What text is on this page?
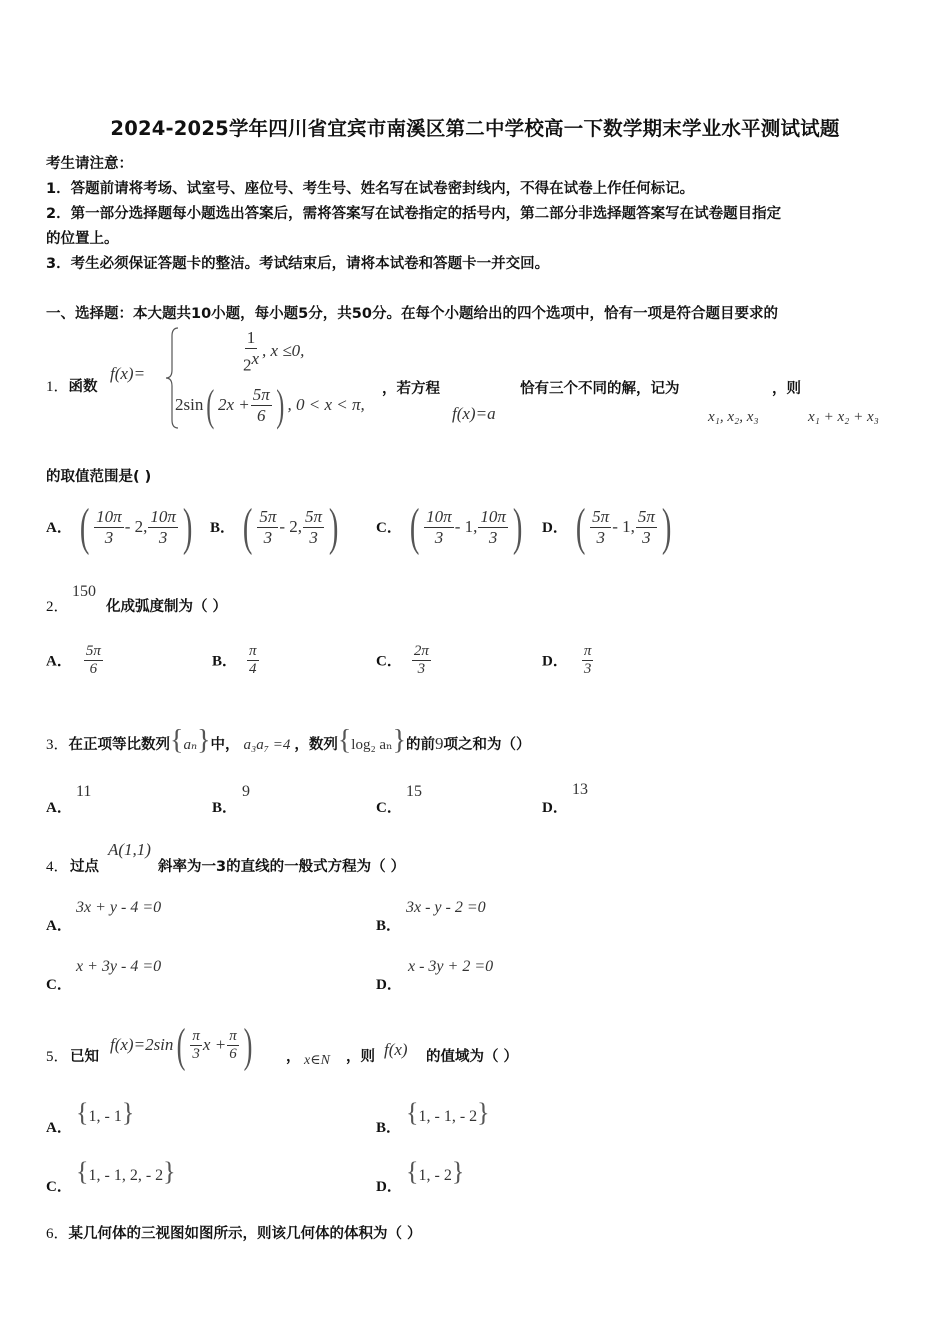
2024-2025学年四川省宜宾市南溪区第二中学校高一下数学期末学业水平测试试题
考生请注意：
1．答题前请将考场、试室号、座位号、考生号、姓名写在试卷密封线内，不得在试卷上作任何标记。
2．第一部分选择题每小题选出答案后，需将答案写在试卷指定的括号内，第二部分非选择题答案写在试卷题目指定
的位置上。
3．考生必须保证答题卡的整洁。考试结束后，请将本试卷和答题卡一并交回。
一、选择题：本大题共10小题，每小题5分，共50分。在每个小题给出的四个选项中，恰有一项是符合题目要求的
1．函数
f(x)=	$\frac{1}{2^x}$ , x ≤0,
2sin( $2x + \frac{5\pi}{6}$ ) , 0 < x < π,
，若方程
f(x)=a
恰有三个不同的解，记为
x₁, x₂, x₃
，则
x₁ + x₂ + x₃
的取值范围是( )
A． ( $\frac{10\pi}{3} - 2$, $\frac{10\pi}{3}$ ) B． ( $\frac{5\pi}{3} - 2$, $\frac{5\pi}{3}$ ) C． ( $\frac{10\pi}{3} - 1$, $\frac{10\pi}{3}$ ) D． ( $\frac{5\pi}{3} - 1$, $\frac{5\pi}{3}$ )
2．
150
化成弧度制为（ ）
A． $\frac{5\pi}{6}$	B． $\frac{\pi}{4}$	C． $\frac{2\pi}{3}$	D． $\frac{\pi}{3}$
3．在正项等比数列{aₙ}中， a₃a₇ =4 ，数列{log₂ aₙ}的前9项之和为（）
A．
11
B．
9
C．
15
D．
13
4． 过点
A(1,1)
斜率为一3的直线的一般式方程为（ ）
A．
3x + y - 4 =0
B．
3x - y - 2 =0
C．
x + 3y - 4 =0
D．
x - 3y + 2 =0
5． 已知
$f(x)=2\sin( \frac{\pi}{3}$ $x + \frac{\pi}{6}$ ) ， x∈N ，则 f(x) 的值域为（ ）
A．
{1, - 1}
B．
{1, - 1, - 2}
C．
{1, - 1, 2, - 2}
D．
{1, - 2}
6．某几何体的三视图如图所示，则该几何体的体积为（ ）
